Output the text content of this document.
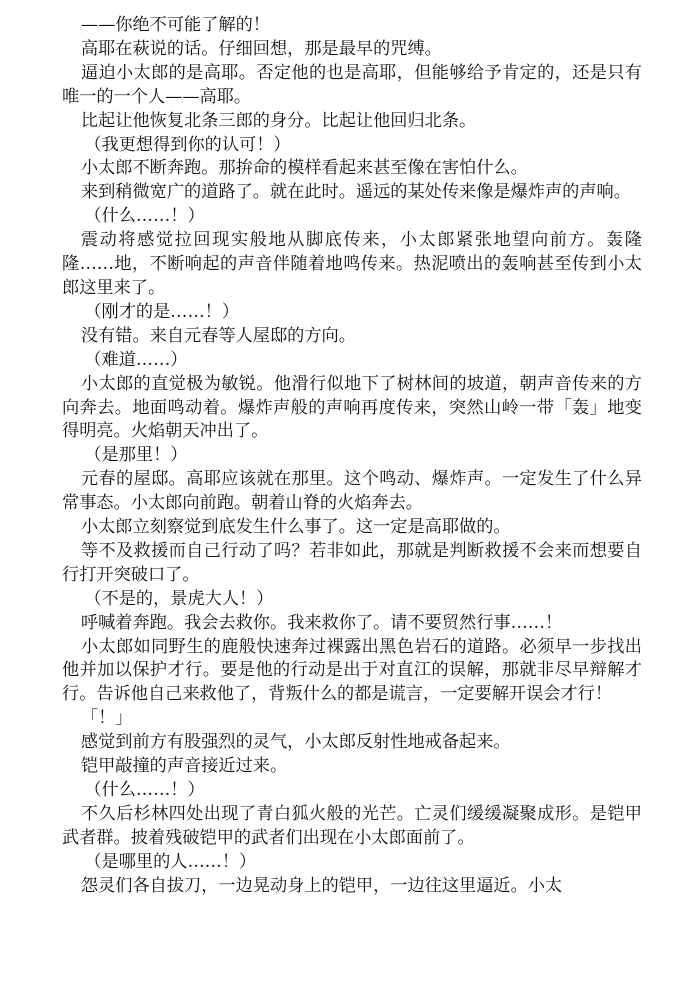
——你绝不可能了解的！

高耶在萩说的话。仔细回想，那是最早的咒缚。

逼迫小太郎的是高耶。否定他的也是高耶，但能够给予肯定的，还是只有唯一的一个人——高耶。

比起让他恢复北条三郎的身分。比起让他回归北条。

（我更想得到你的认可！）

小太郎不断奔跑。那拚命的模样看起来甚至像在害怕什么。

来到稍微宽广的道路了。就在此时。遥远的某处传来像是爆炸声的声响。

（什么……！）

震动将感觉拉回现实般地从脚底传来，小太郎紧张地望向前方。轰隆隆……地，不断响起的声音伴随着地鸣传来。热泥喷出的轰响甚至传到小太郎这里来了。

（刚才的是……！）

没有错。来自元春等人屋邸的方向。

（难道……）

小太郎的直觉极为敏锐。他滑行似地下了树林间的坡道，朝声音传来的方向奔去。地面鸣动着。爆炸声般的声响再度传来，突然山岭一带「轰」地变得明亮。火焰朝天冲出了。

（是那里！）

元春的屋邸。高耶应该就在那里。这个鸣动、爆炸声。一定发生了什么异常事态。小太郎向前跑。朝着山脊的火焰奔去。

小太郎立刻察觉到底发生什么事了。这一定是高耶做的。

等不及救援而自己行动了吗？若非如此，那就是判断救援不会来而想要自行打开突破口了。

（不是的，景虎大人！）

呼喊着奔跑。我会去救你。我来救你了。请不要贸然行事……！

小太郎如同野生的鹿般快速奔过裸露出黑色岩石的道路。必须早一步找出他并加以保护才行。要是他的行动是出于对直江的误解，那就非尽早辩解才行。告诉他自己来救他了，背叛什么的都是谎言，一定要解开误会才行！

「！」

感觉到前方有股强烈的灵气，小太郎反射性地戒备起来。

铠甲敲撞的声音接近过来。

（什么……！）

不久后杉林四处出现了青白狐火般的光芒。亡灵们缓缓凝聚成形。是铠甲武者群。披着残破铠甲的武者们出现在小太郎面前了。

（是哪里的人……！）

怨灵们各自拔刀，一边晃动身上的铠甲，一边往这里逼近。小太
